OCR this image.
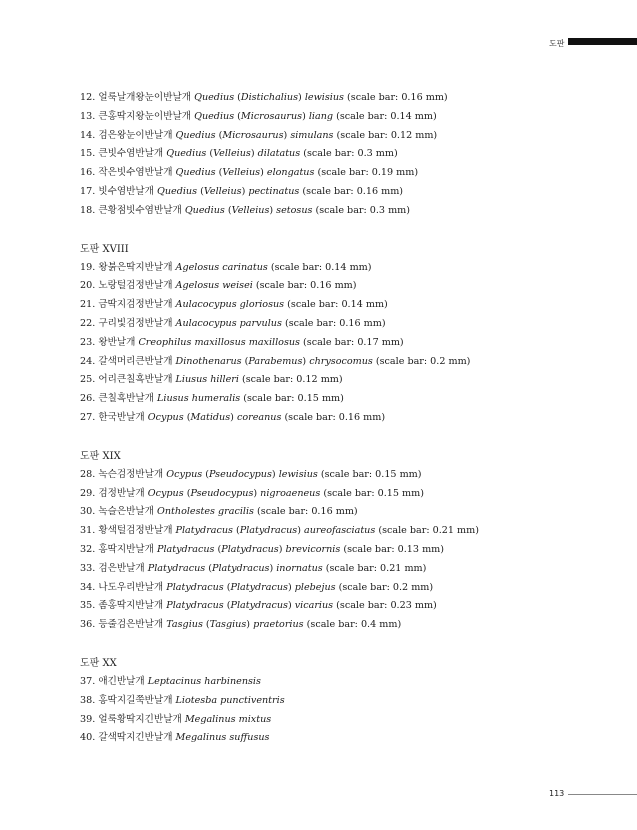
도판
12. 얼룩날개왕눈이반날개 Quedius (Distichalius) lewisius (scale bar: 0.16 mm)
13. 큰홍딱지왕눈이반날개 Quedius (Microsaurus) liang (scale bar: 0.14 mm)
14. 검은왕눈이반날개 Quedius (Microsaurus) simulans (scale bar: 0.12 mm)
15. 큰빗수염반날개 Quedius (Velleius) dilatatus (scale bar: 0.3 mm)
16. 작은빗수염반날개 Quedius (Velleius) elongatus (scale bar: 0.19 mm)
17. 빗수염반날개 Quedius (Velleius) pectinatus (scale bar: 0.16 mm)
18. 큰황점빗수염반날개 Quedius (Velleius) setosus (scale bar: 0.3 mm)
도판 XVIII
19. 왕붉은딱지반날개 Agelosus carinatus (scale bar: 0.14 mm)
20. 노랑털검정반날개 Agelosus weisei (scale bar: 0.16 mm)
21. 금딱지검정반날개 Aulacocypus gloriosus (scale bar: 0.14 mm)
22. 구리빛검정반날개 Aulacocypus parvulus (scale bar: 0.16 mm)
23. 왕반날개 Creophilus maxillosus maxillosus (scale bar: 0.17 mm)
24. 갈색머리큰반날개 Dinothenarus (Parabemus) chrysocomus (scale bar: 0.2 mm)
25. 어리큰칠흑반날개 Liusus hilleri (scale bar: 0.12 mm)
26. 큰칠흑반날개 Liusus humeralis (scale bar: 0.15 mm)
27. 한국반날개 Ocypus (Matidus) coreanus (scale bar: 0.16 mm)
도판 XIX
28. 녹슨검정반날개 Ocypus (Pseudocypus) lewisius (scale bar: 0.15 mm)
29. 검정반날개 Ocypus (Pseudocypus) nigroaeneus (scale bar: 0.15 mm)
30. 녹슬은반날개 Ontholestes gracilis (scale bar: 0.16 mm)
31. 황색털검정반날개 Platydracus (Platydracus) aureofasciatus (scale bar: 0.21 mm)
32. 홍딱지반날개 Platydracus (Platydracus) brevicornis (scale bar: 0.13 mm)
33. 검은반날개 Platydracus (Platydracus) inornatus (scale bar: 0.21 mm)
34. 나도우리반날개 Platydracus (Platydracus) plebejus (scale bar: 0.2 mm)
35. 좀홍딱지반날개 Platydracus (Platydracus) vicarius (scale bar: 0.23 mm)
36. 등줄검은반날개 Tasgius (Tasgius) praetorius (scale bar: 0.4 mm)
도판 XX
37. 애긴반날개 Leptacinus harbinensis
38. 홍딱지길쭉반날개 Liotesba punctiventris
39. 얼룩황딱지긴반날개 Megalinus mixtus
40. 갈색딱지긴반날개 Megalinus suffusus
113
